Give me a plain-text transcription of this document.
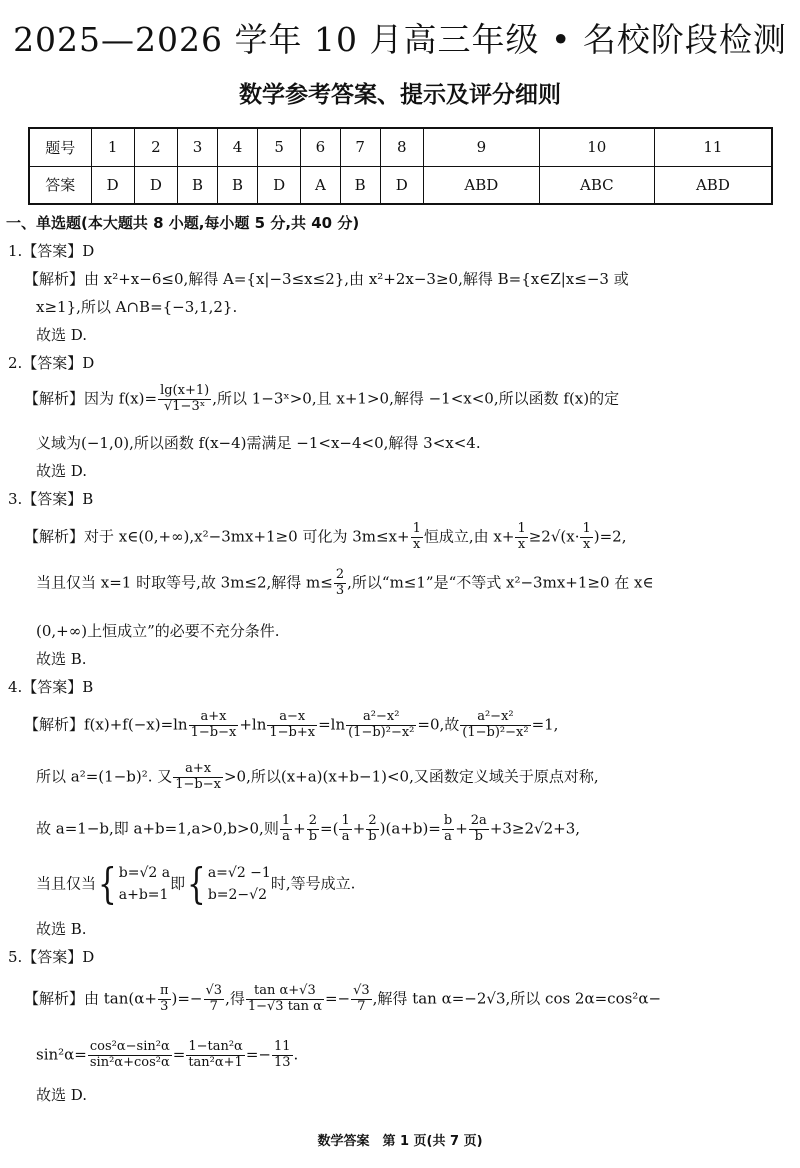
2025—2026 学年 10 月高三年级 • 名校阶段检测
数学参考答案、提示及评分细则
题号	1	2	3	4	5	6	7	8	9	10	11
答案	D	D	B	B	D	A	B	D	ABD	ABC	ABD
一、单选题(本大题共 8 小题,每小题 5 分,共 40 分)
1.【答案】D
【解析】由 x²+x−6≤0,解得 A={x|−3≤x≤2},由 x²+2x−3≥0,解得 B={x∈Z|x≤−3 或
x≥1},所以 A∩B={−3,1,2}.
故选 D.
2.【答案】D
【解析】因为 $f(x)= \frac{\lg(x+1)}{\text{√1−3ˣ}}$ ,所以 1−3ˣ>0,且 x+1>0,解得 −1<x<0,所以函数 f(x)的定
义域为(−1,0),所以函数 f(x−4)需满足 −1<x−4<0,解得 3<x<4.
故选 D.
3.【答案】B
【解析】对于 x∈(0,+∞),x²−3mx+1≥0 可化为 $3m\le x+ \frac{1}{x}$ 恒成立,由 $x+ \frac{1}{x} \ge 2√(x\cdot \frac{1}{x} )=2$,
当且仅当 x=1 时取等号,故 3m≤2,解得 $m\le \frac{2}{3}$ ,所以“m≤1”是“不等式 x²−3mx+1≥0 在 x∈
(0,+∞)上恒成立”的必要不充分条件.
故选 B.
4.【答案】B
【解析】$f(x)+f(-x)=\ln \frac{a+x}{1-b-x} +\ln \frac{a-x}{1-b+x} =\ln \frac{\text{a²−x²}}{\text{(1−b)²−x²}} =0$,故 $\frac{\text{a²−x²}}{\text{(1−b)²−x²}} =1$,
所以 a²=(1−b)². 又 $\frac{a+x}{1-b-x} >0$,所以(x+a)(x+b−1)<0,又函数定义域关于原点对称,
故 a=1−b,即 a+b=1,a>0,b>0,则 $\frac{1}{a} + \frac{2}{b}$ =( $\frac{1}{a} + \frac{2}{b} )(a+b)= \frac{b}{a} + \frac{2a}{b} +3\ge 2√2+3$,
当且仅当{ b=√2 a
a+b=1
即{ a=√2 −1
b=2−√2
时,等号成立.
故选 B.
5.【答案】D
【解析】由 $\tan(\alpha+ \frac{\pi}{3}$ )=− $\frac{√3}{7}$ ,得 $\frac{\text{tan α+√3}}{\text{1−√3 tan α}} =- \frac{√3}{7}$ ,解得 tan α=−2√3,所以 cos 2α=cos²α−
$\sin^2\alpha= \frac{\text{cos²α−sin²α}}{\text{sin²α+cos²α}} = \frac{\text{1−tan²α}}{\text{tan²α+1}} =- \frac{11}{13}$ .
故选 D.
数学答案　第 1 页(共 7 页)
